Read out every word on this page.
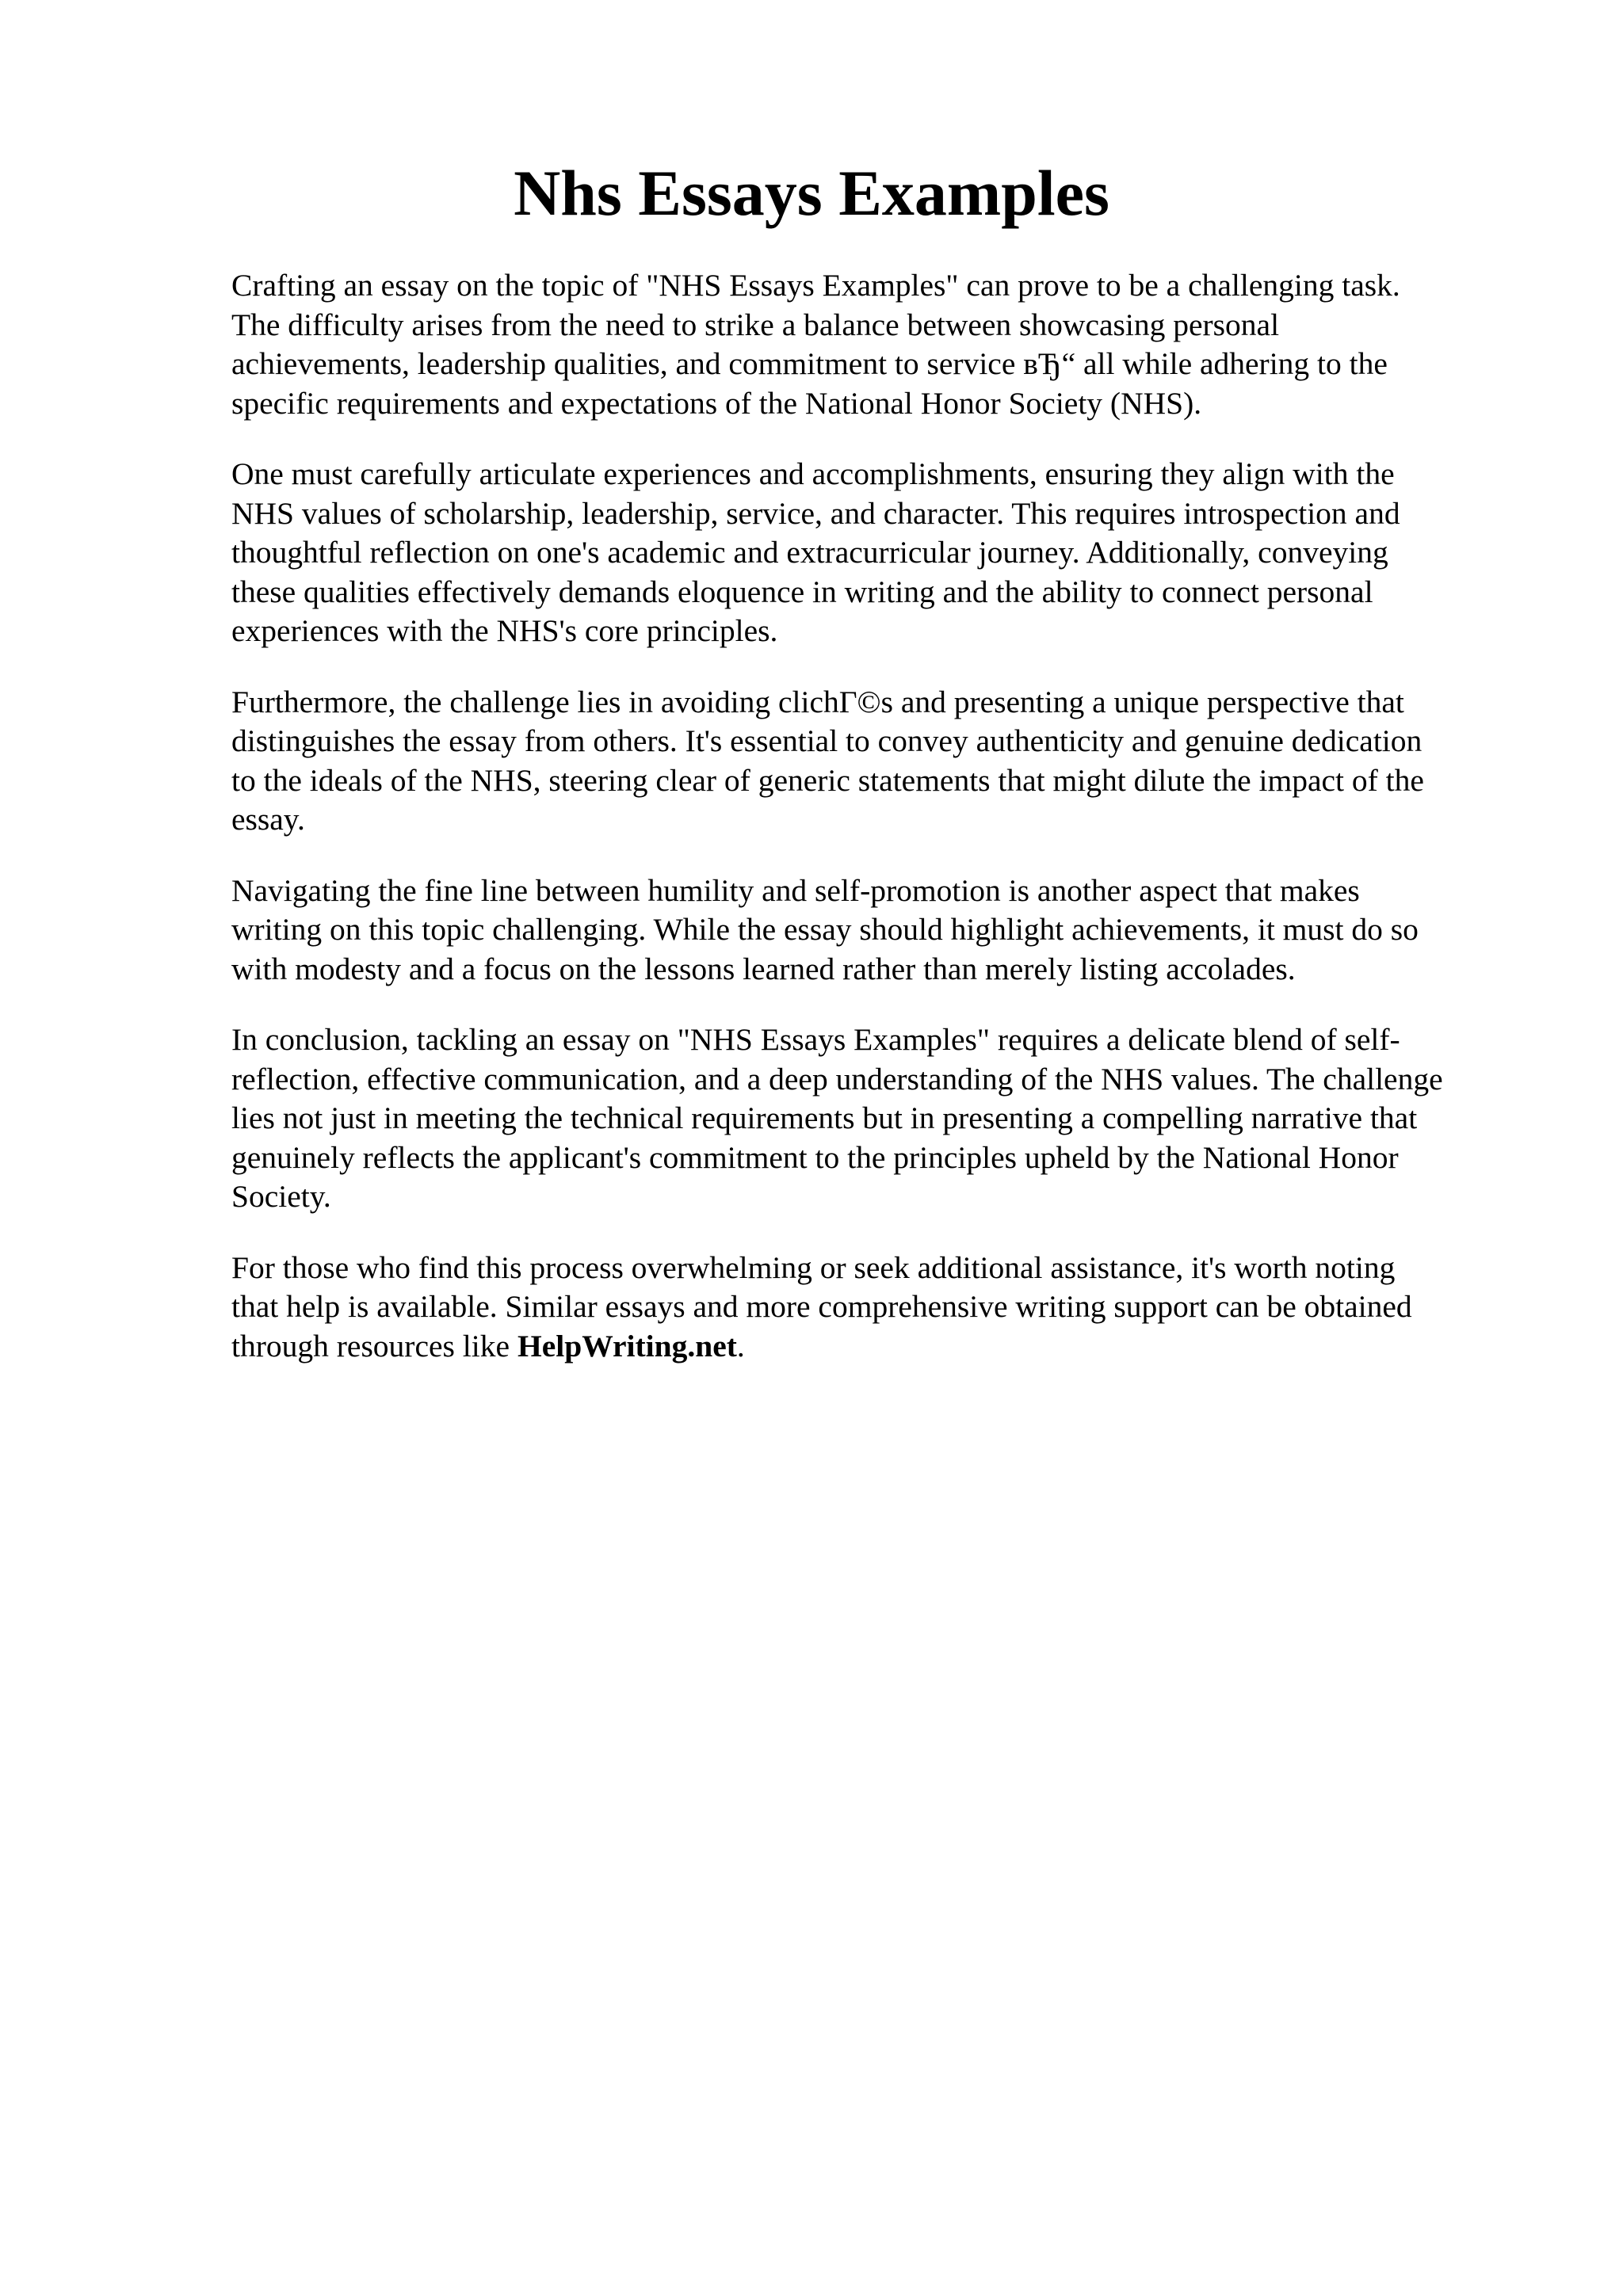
Nhs Essays Examples

Crafting an essay on the topic of "NHS Essays Examples" can prove to be a challenging task.
The difficulty arises from the need to strike a balance between showcasing personal
achievements, leadership qualities, and commitment to service вЂ“ all while adhering to the
specific requirements and expectations of the National Honor Society (NHS).

One must carefully articulate experiences and accomplishments, ensuring they align with the
NHS values of scholarship, leadership, service, and character. This requires introspection and
thoughtful reflection on one's academic and extracurricular journey. Additionally, conveying
these qualities effectively demands eloquence in writing and the ability to connect personal
experiences with the NHS's core principles.

Furthermore, the challenge lies in avoiding clichГ©s and presenting a unique perspective that
distinguishes the essay from others. It's essential to convey authenticity and genuine dedication
to the ideals of the NHS, steering clear of generic statements that might dilute the impact of the
essay.

Navigating the fine line between humility and self-promotion is another aspect that makes
writing on this topic challenging. While the essay should highlight achievements, it must do so
with modesty and a focus on the lessons learned rather than merely listing accolades.

In conclusion, tackling an essay on "NHS Essays Examples" requires a delicate blend of self-
reflection, effective communication, and a deep understanding of the NHS values. The challenge
lies not just in meeting the technical requirements but in presenting a compelling narrative that
genuinely reflects the applicant's commitment to the principles upheld by the National Honor
Society.

For those who find this process overwhelming or seek additional assistance, it's worth noting
that help is available. Similar essays and more comprehensive writing support can be obtained
through resources like HelpWriting.net.
